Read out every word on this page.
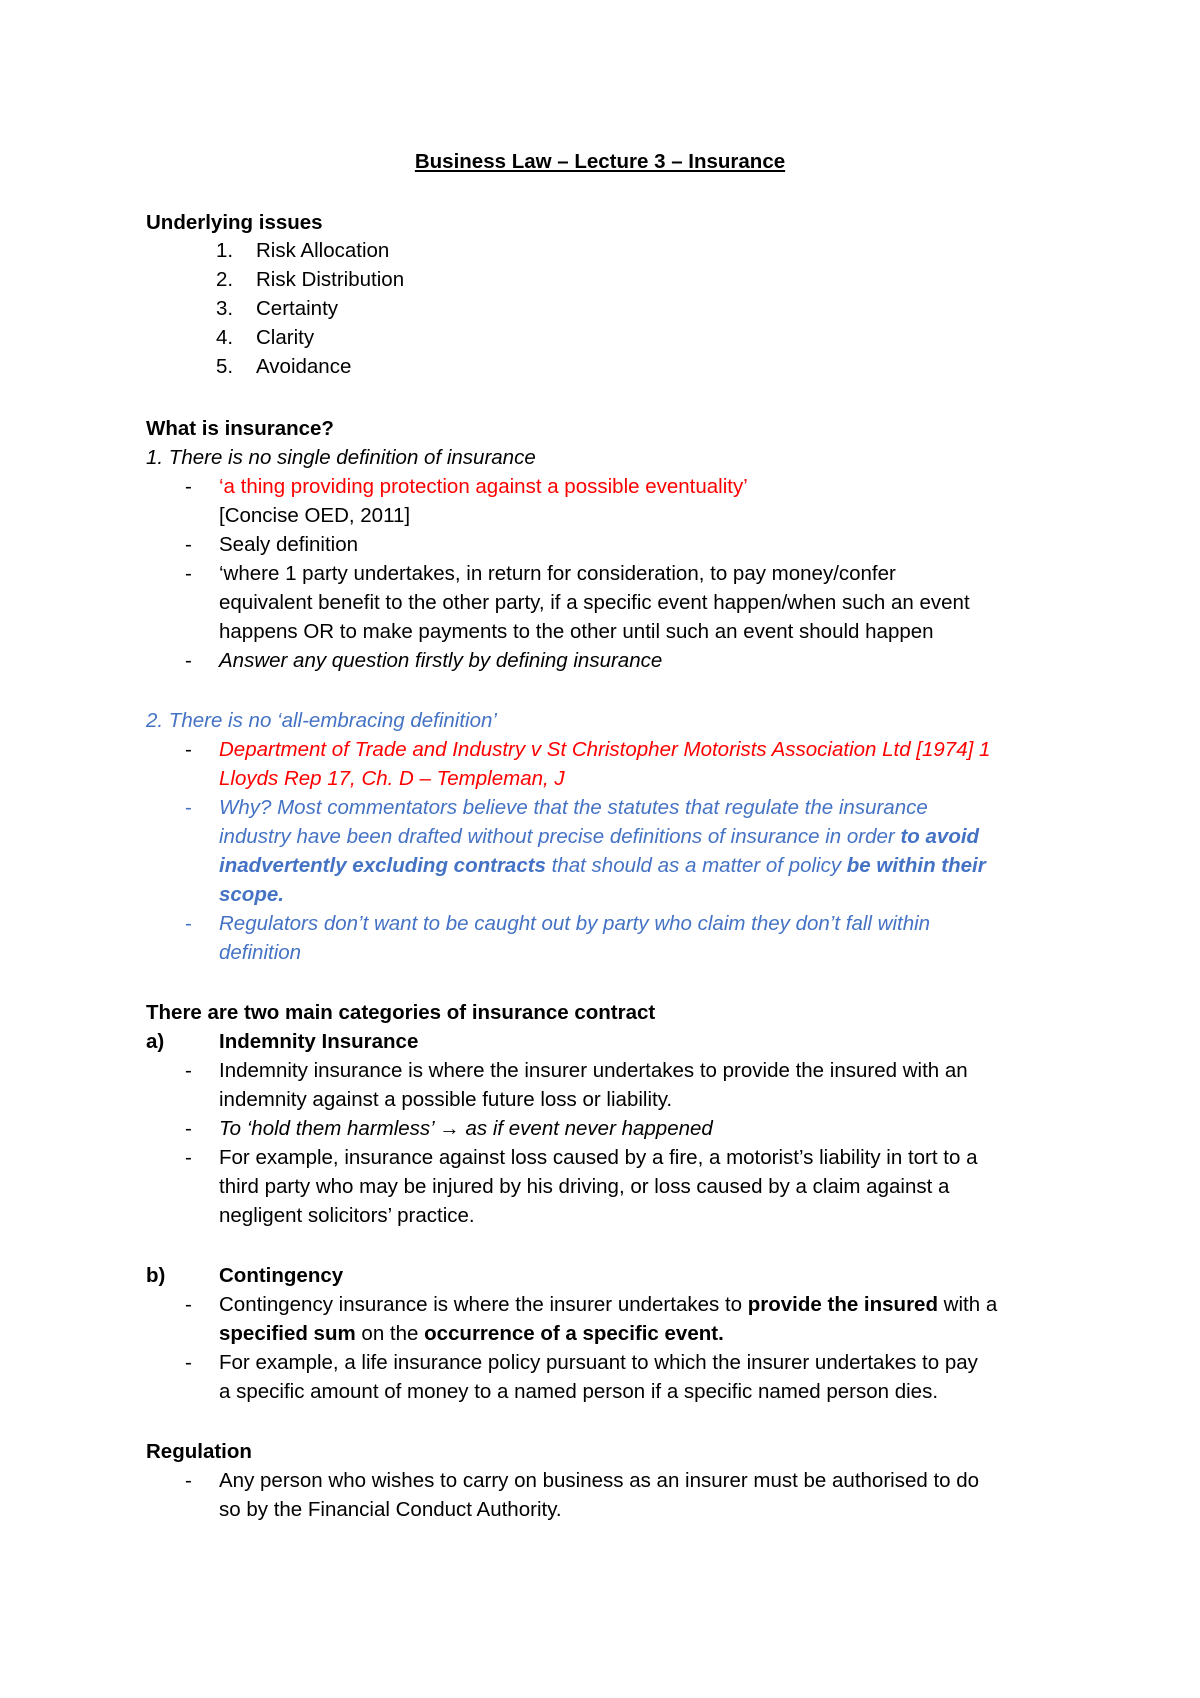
Business Law – Lecture 3 – Insurance
Underlying issues
1. Risk Allocation
2. Risk Distribution
3. Certainty
4. Clarity
5. Avoidance
What is insurance?
1. There is no single definition of insurance
- ‘a thing providing protection against a possible eventuality’
[Concise OED, 2011]
- Sealy definition
- ‘where 1 party undertakes, in return for consideration, to pay money/confer
equivalent benefit to the other party, if a specific event happen/when such an event
happens OR to make payments to the other until such an event should happen
- Answer any question firstly by defining insurance
2. There is no ‘all-embracing definition’
- Department of Trade and Industry v St Christopher Motorists Association Ltd [1974] 1
Lloyds Rep 17, Ch. D – Templeman, J
- Why? Most commentators believe that the statutes that regulate the insurance
industry have been drafted without precise definitions of insurance in order to avoid
inadvertently excluding contracts that should as a matter of policy be within their
scope.
- Regulators don’t want to be caught out by party who claim they don’t fall within
definition
There are two main categories of insurance contract
a)	Indemnity Insurance
- Indemnity insurance is where the insurer undertakes to provide the insured with an
indemnity against a possible future loss or liability.
- To ‘hold them harmless’ → as if event never happened
- For example, insurance against loss caused by a fire, a motorist’s liability in tort to a
third party who may be injured by his driving, or loss caused by a claim against a
negligent solicitors’ practice.
b)	Contingency
- Contingency insurance is where the insurer undertakes to provide the insured with a
specified sum on the occurrence of a specific event.
- For example, a life insurance policy pursuant to which the insurer undertakes to pay
a specific amount of money to a named person if a specific named person dies.
Regulation
- Any person who wishes to carry on business as an insurer must be authorised to do
so by the Financial Conduct Authority.
